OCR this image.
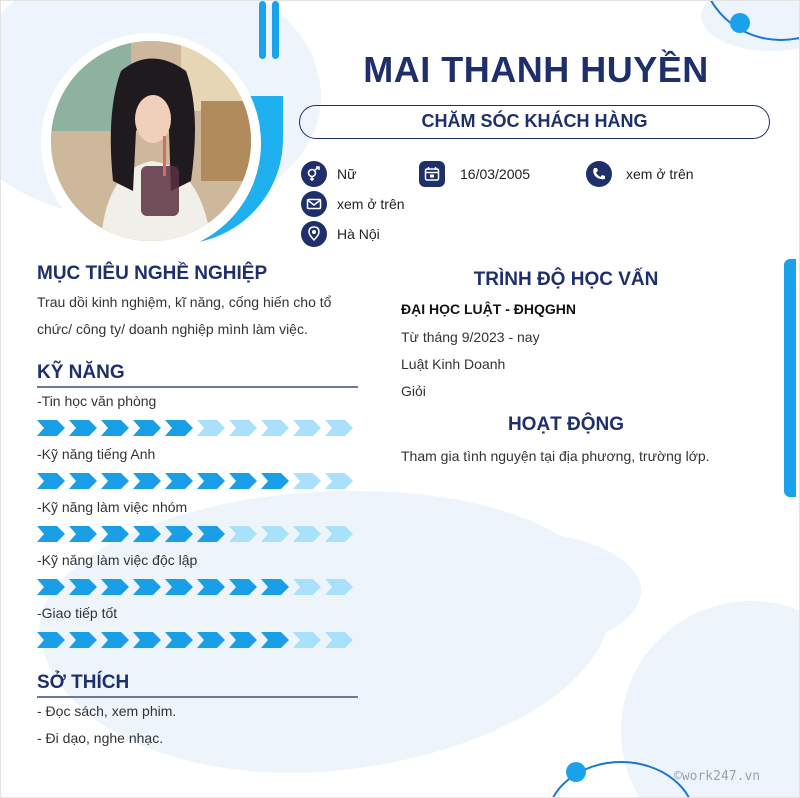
MAI THANH HUYỀN
CHĂM SÓC KHÁCH HÀNG
Nữ	16/03/2005	xem ở trên
xem ở trên
Hà Nội
MỤC TIÊU NGHỀ NGHIỆP
Trau dồi kinh nghiệm, kĩ năng, cống hiến cho tổ
chức/ công ty/ doanh nghiệp mình làm việc.
KỸ NĂNG
-Tin học văn phòng
-Kỹ năng tiếng Anh
-Kỹ năng làm việc nhóm
-Kỹ năng làm việc độc lập
-Giao tiếp tốt
SỞ THÍCH
- Đọc sách, xem phim.
- Đi dạo, nghe nhạc.
TRÌNH ĐỘ HỌC VẤN
ĐẠI HỌC LUẬT - ĐHQGHN
Từ tháng 9/2023 - nay
Luật Kinh Doanh
Giỏi
HOẠT ĐỘNG
Tham gia tình nguyện tại địa phương, trường lớp.
©work247.vn
